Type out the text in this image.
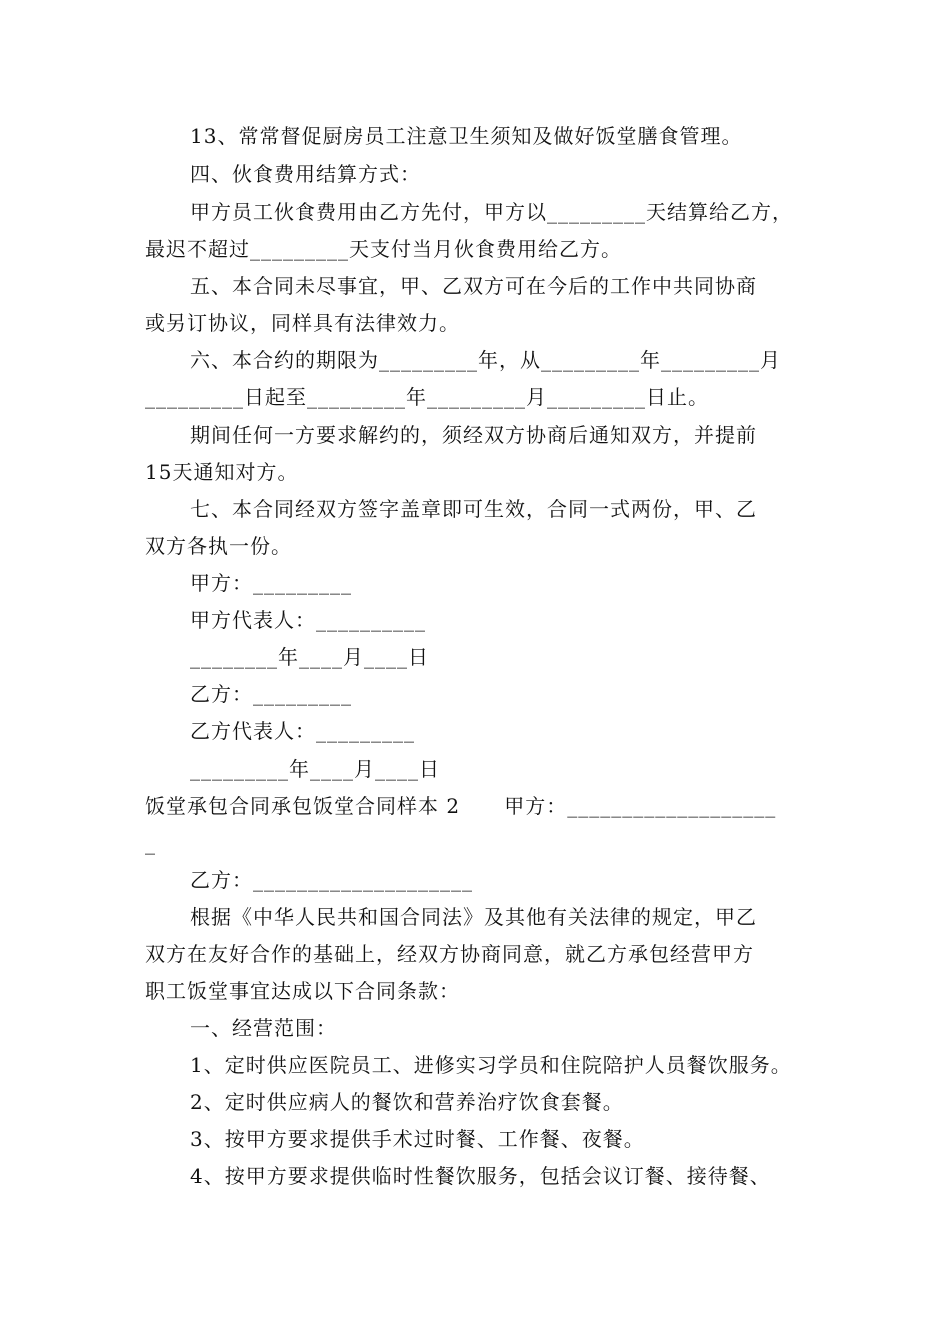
13、常常督促厨房员工注意卫生须知及做好饭堂膳食管理。
四、伙食费用结算方式：
甲方员工伙食费用由乙方先付，甲方以_________天结算给乙方，
最迟不超过_________天支付当月伙食费用给乙方。
五、本合同未尽事宜，甲、乙双方可在今后的工作中共同协商
或另订协议，同样具有法律效力。
六、本合约的期限为_________年，从_________年_________月
_________日起至_________年_________月_________日止。
期间任何一方要求解约的，须经双方协商后通知双方，并提前
15天通知对方。
七、本合同经双方签字盖章即可生效，合同一式两份，甲、乙
双方各执一份。
甲方：_________
甲方代表人：__________
________年____月____日
乙方：_________
乙方代表人：_________
_________年____月____日
饭堂承包合同承包饭堂合同样本 2      甲方：___________________
_
乙方：____________________
根据《中华人民共和国合同法》及其他有关法律的规定，甲乙
双方在友好合作的基础上，经双方协商同意，就乙方承包经营甲方
职工饭堂事宜达成以下合同条款：
一、经营范围：
1、定时供应医院员工、进修实习学员和住院陪护人员餐饮服务。
2、定时供应病人的餐饮和营养治疗饮食套餐。
3、按甲方要求提供手术过时餐、工作餐、夜餐。
4、按甲方要求提供临时性餐饮服务，包括会议订餐、接待餐、
